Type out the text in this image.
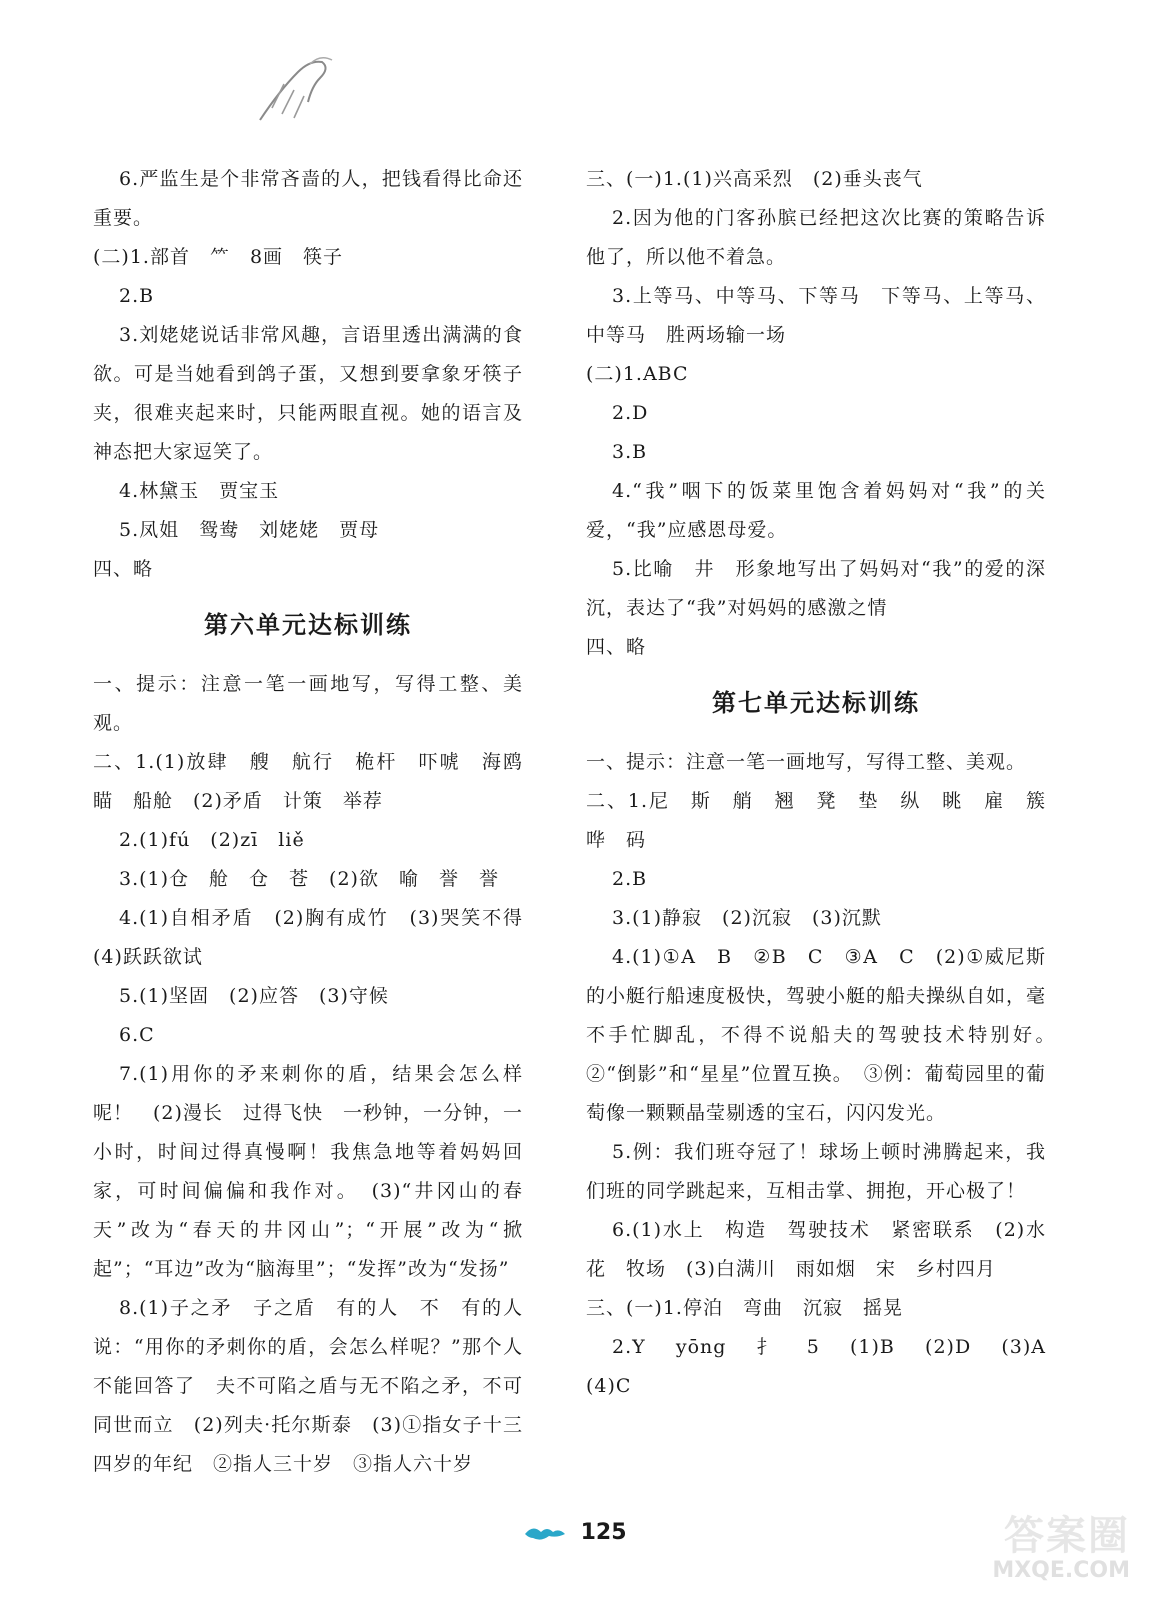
6.严监生是个非常吝啬的人，把钱看得比命还重要。

(二)1.部首　⺮　8画　筷子

2.B

3.刘姥姥说话非常风趣，言语里透出满满的食欲。可是当她看到鸽子蛋，又想到要拿象牙筷子夹，很难夹起来时，只能两眼直视。她的语言及神态把大家逗笑了。

4.林黛玉　贾宝玉

5.凤姐　鸳鸯　刘姥姥　贾母

四、略

第六单元达标训练

一、提示：注意一笔一画地写，写得工整、美观。

二、1.(1)放肆　艘　航行　桅杆　吓唬　海鸥　瞄　船舱　(2)矛盾　计策　举荐

2.(1)fú　(2)zī　liě

3.(1)仓　舱　仓　苍　(2)欲　喻　誉　誉

4.(1)自相矛盾　(2)胸有成竹　(3)哭笑不得　(4)跃跃欲试

5.(1)坚固　(2)应答　(3)守候

6.C

7.(1)用你的矛来刺你的盾，结果会怎么样呢！　(2)漫长　过得飞快　一秒钟，一分钟，一小时，时间过得真慢啊！我焦急地等着妈妈回家，可时间偏偏和我作对。　(3)“井冈山的春天”改为“春天的井冈山”；“开展”改为“掀起”；“耳边”改为“脑海里”；“发挥”改为“发扬”

8.(1)子之矛　子之盾　有的人　不　有的人说：“用你的矛刺你的盾，会怎么样呢？”那个人不能回答了　夫不可陷之盾与无不陷之矛，不可同世而立　(2)列夫·托尔斯泰　(3)①指女子十三四岁的年纪　②指人三十岁　③指人六十岁

三、(一)1.(1)兴高采烈　(2)垂头丧气

2.因为他的门客孙膑已经把这次比赛的策略告诉他了，所以他不着急。

3.上等马、中等马、下等马　下等马、上等马、中等马　胜两场输一场

(二)1.ABC

2.D

3.B

4.“我”咽下的饭菜里饱含着妈妈对“我”的关爱，“我”应感恩母爱。

5.比喻　井　形象地写出了妈妈对“我”的爱的深沉，表达了“我”对妈妈的感激之情

四、略

第七单元达标训练

一、提示：注意一笔一画地写，写得工整、美观。

二、1.尼　斯　艄　翘　凳　垫　纵　眺　雇　簇　哗　码

2.B

3.(1)静寂　(2)沉寂　(3)沉默

4.(1)①A　B　②B　C　③A　C　(2)①威尼斯的小艇行船速度极快，驾驶小艇的船夫操纵自如，毫不手忙脚乱，不得不说船夫的驾驶技术特别好。　②“倒影”和“星星”位置互换。　③例：葡萄园里的葡萄像一颗颗晶莹剔透的宝石，闪闪发光。

5.例：我们班夺冠了！球场上顿时沸腾起来，我们班的同学跳起来，互相击掌、拥抱，开心极了！

6.(1)水上　构造　驾驶技术　紧密联系　(2)水　花　牧场　(3)白满川　雨如烟　宋　乡村四月

三、(一)1.停泊　弯曲　沉寂　摇晃

2.Y　yōng　扌　5　(1)B　(2)D　(3)A　(4)C

125	答案圈
MXQE.COM
